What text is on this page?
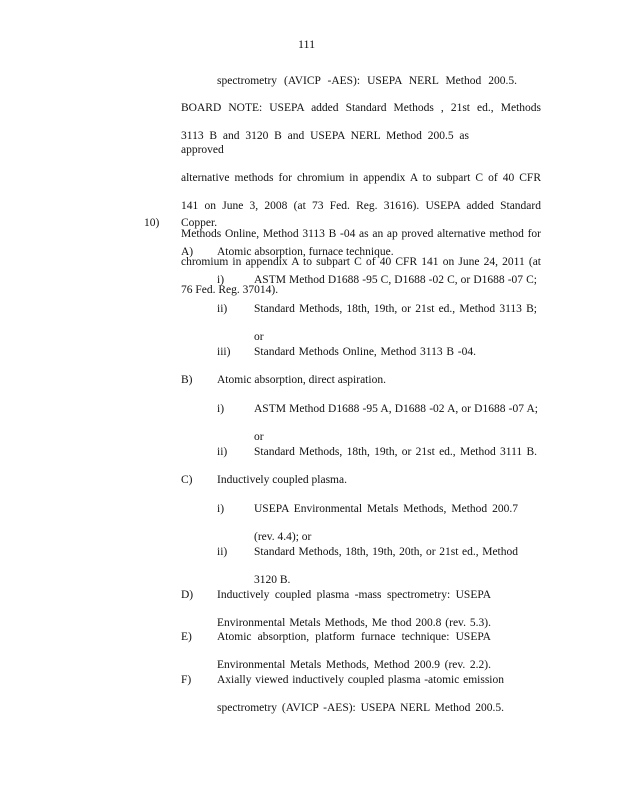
111

spectrometry (AVICP -AES): USEPA NERL Method 200.5.

BOARD NOTE: USEPA added Standard Methods , 21st ed., Methods

3113 B and 3120 B and USEPA NERL Method 200.5 as approved

alternative methods for chromium in appendix A to subpart C of 40 CFR

141 on June 3, 2008 (at 73 Fed. Reg. 31616). USEPA added Standard

Methods Online, Method 3113 B -04 as an ap proved alternative method for

chromium in appendix A to subpart C of 40 CFR 141 on June 24, 2011 (at

76 Fed. Reg. 37014).

10) Copper.
A) Atomic absorption, furnace technique.

i)	ASTM Method D1688 -95 C, D1688 -02 C, or D1688 -07 C;

ii) Standard Methods, 18th, 19th, or 21st ed., Method 3113 B;

or

iii) Standard Methods Online, Method 3113 B -04.

B) Atomic absorption, direct aspiration.

i)	ASTM Method D1688 -95 A, D1688 -02 A, or D1688 -07 A;

or

ii) Standard Methods, 18th, 19th, or 21st ed., Method 3111 B.

C) Inductively coupled plasma.

i)	USEPA Environmental Metals Methods, Method 200.7

(rev. 4.4); or

ii) Standard Methods, 18th, 19th, 20th, or 21st ed., Method

3120 B.

D) Inductively coupled plasma -mass spectrometry: USEPA

Environmental Metals Methods, Me thod 200.8 (rev. 5.3).

E) Atomic absorption, platform furnace technique: USEPA

Environmental Metals Methods, Method 200.9 (rev. 2.2).

F) Axially viewed inductively coupled plasma -atomic emission

spectrometry (AVICP -AES): USEPA NERL Method 200.5.
